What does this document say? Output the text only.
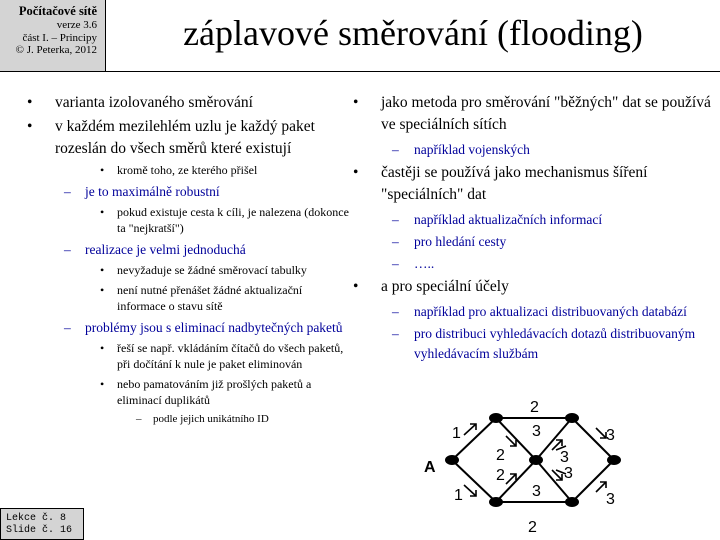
Počítačové sítě
verze 3.6
část I. – Principy
© J. Peterka, 2012 záplavové směrování (flooding)
• varianta izolovaného směrování
• v každém mezilehlém uzlu je každý paket rozeslán do všech směrů které existují
• kromě toho, ze kterého přišel
– je to maximálně robustní
• pokud existuje cesta k cíli, je nalezena (dokonce ta "nejkratší")
– realizace je velmi jednoduchá
• nevyžaduje se žádné směrovací tabulky
• není nutné přenášet žádné aktualizační informace o stavu sítě
– problémy jsou s eliminací nadbytečných paketů
• řeší se např. vkládáním čítačů do všech paketů, při dočítání k nule je paket eliminován
• nebo pamatováním již prošlých paketů a eliminací duplikátů
– podle jejich unikátního ID
• jako metoda pro směrování "běžných" dat se používá ve speciálních sítích
– například vojenských
• častěji se používá jako mechanismus šíření "speciálních" dat
– například aktualizačních informací
– pro hledání cesty
– …..
• a pro speciální účely
– například pro aktualizaci distribuovaných databází
– pro distribuci vyhledávacích dotazů distribuovaným vyhledávacím službám
A
1
1
2
2
2
2
3
3
3
3
3
3
Lekce č. 8
Slide č. 16
